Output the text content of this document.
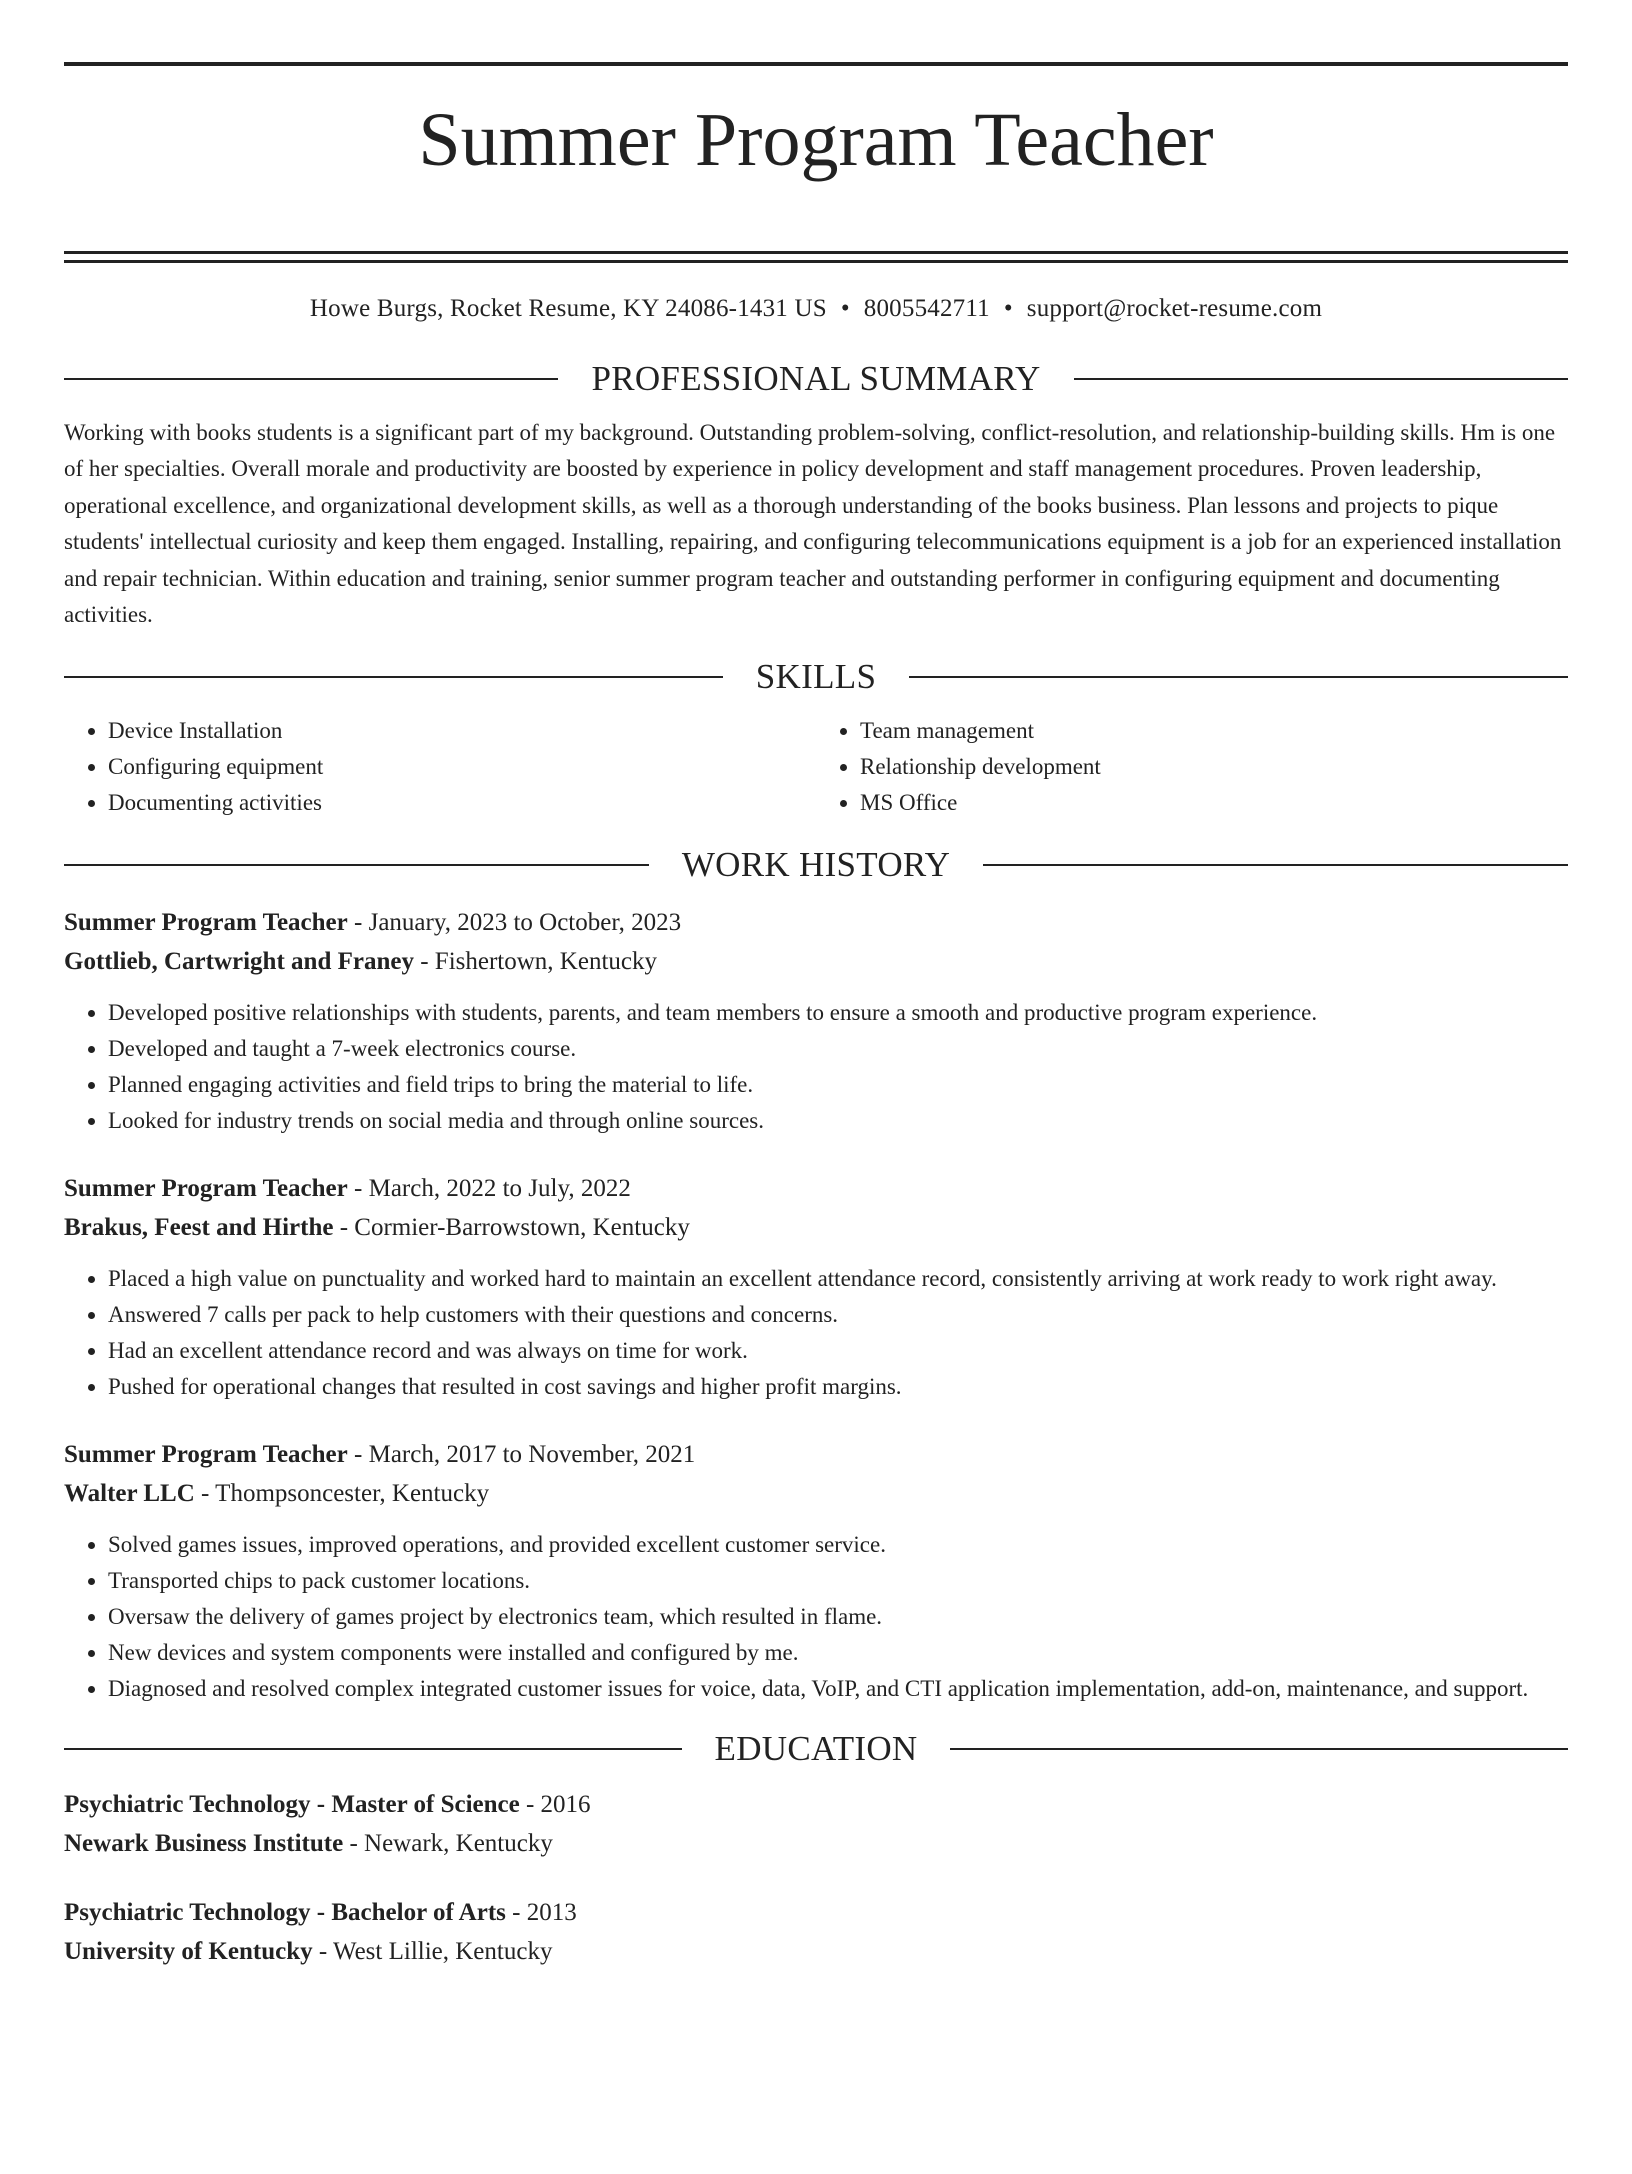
Summer Program Teacher
Howe Burgs, Rocket Resume, KY 24086-1431 US • 8005542711 • support@rocket-resume.com
PROFESSIONAL SUMMARY

Working with books students is a significant part of my background. Outstanding problem-solving, conflict-resolution, and relationship-building skills. Hm is one of her specialties. Overall morale and productivity are boosted by experience in policy development and staff management procedures. Proven leadership, operational excellence, and organizational development skills, as well as a thorough understanding of the books business. Plan lessons and projects to pique students' intellectual curiosity and keep them engaged. Installing, repairing, and configuring telecommunications equipment is a job for an experienced installation and repair technician. Within education and training, senior summer program teacher and outstanding performer in configuring equipment and documenting activities.

SKILLS
• Device Installation
• Configuring equipment
• Documenting activities
• Team management
• Relationship development
• MS Office
WORK HISTORY
Summer Program Teacher - January, 2023 to October, 2023
Gottlieb, Cartwright and Franey - Fishertown, Kentucky
• Developed positive relationships with students, parents, and team members to ensure a smooth and productive program experience.
• Developed and taught a 7-week electronics course.
• Planned engaging activities and field trips to bring the material to life.
• Looked for industry trends on social media and through online sources.
Summer Program Teacher - March, 2022 to July, 2022
Brakus, Feest and Hirthe - Cormier-Barrowstown, Kentucky
• Placed a high value on punctuality and worked hard to maintain an excellent attendance record, consistently arriving at work ready to work right away.
• Answered 7 calls per pack to help customers with their questions and concerns.
• Had an excellent attendance record and was always on time for work.
• Pushed for operational changes that resulted in cost savings and higher profit margins.
Summer Program Teacher - March, 2017 to November, 2021
Walter LLC - Thompsoncester, Kentucky
• Solved games issues, improved operations, and provided excellent customer service.
• Transported chips to pack customer locations.
• Oversaw the delivery of games project by electronics team, which resulted in flame.
• New devices and system components were installed and configured by me.
• Diagnosed and resolved complex integrated customer issues for voice, data, VoIP, and CTI application implementation, add-on, maintenance, and support.
EDUCATION
Psychiatric Technology - Master of Science - 2016
Newark Business Institute - Newark, Kentucky
Psychiatric Technology - Bachelor of Arts - 2013
University of Kentucky - West Lillie, Kentucky
